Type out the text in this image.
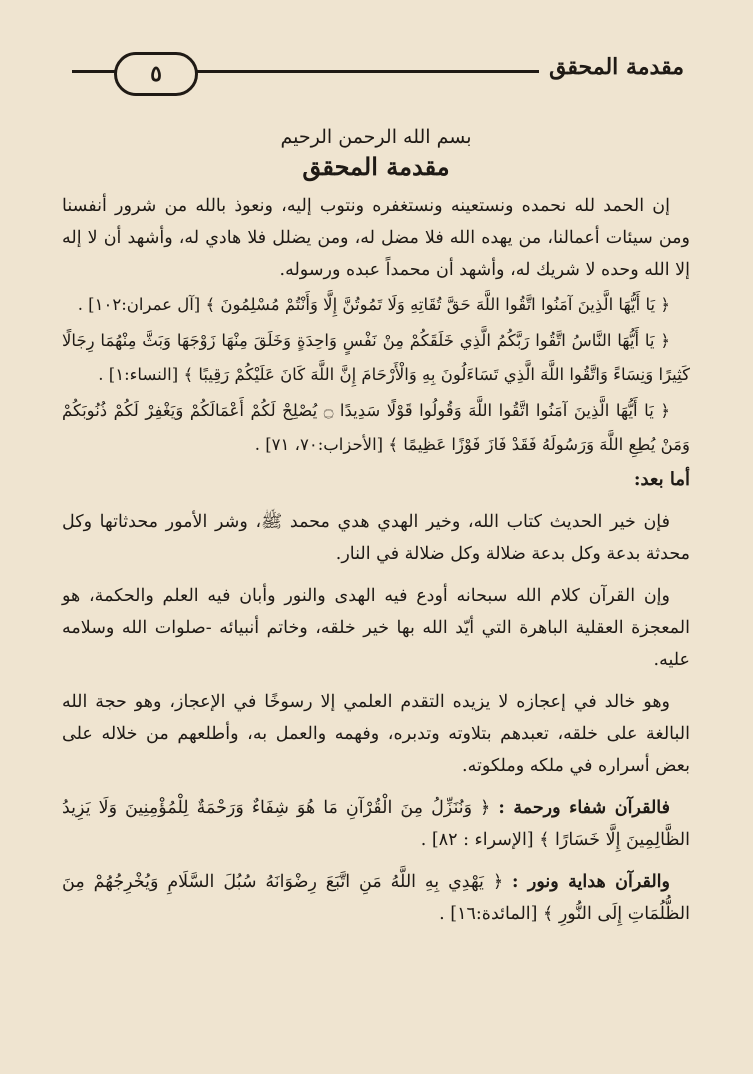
٥	مقدمة المحقق

بسم الله الرحمن الرحيم

مقدمة المحقق

إن الحمد لله نحمده ونستعينه ونستغفره ونتوب إليه، ونعوذ بالله من شرور أنفسنا ومن سيئات أعمالنا، من يهده الله فلا مضل له، ومن يضلل فلا هادي له، وأشهد أن لا إله إلا الله وحده لا شريك له، وأشهد أن محمداً عبده ورسوله.

﴿ يَا أَيُّهَا الَّذِينَ آمَنُوا اتَّقُوا اللَّهَ حَقَّ تُقَاتِهِ وَلَا تَمُوتُنَّ إِلَّا وَأَنْتُمْ مُسْلِمُونَ ﴾ [آل عمران:١٠٢] .

﴿ يَا أَيُّهَا النَّاسُ اتَّقُوا رَبَّكُمُ الَّذِي خَلَقَكُمْ مِنْ نَفْسٍ وَاحِدَةٍ وَخَلَقَ مِنْهَا زَوْجَهَا وَبَثَّ مِنْهُمَا رِجَالًا كَثِيرًا وَنِسَاءً وَاتَّقُوا اللَّهَ الَّذِي تَسَاءَلُونَ بِهِ وَالْأَرْحَامَ إِنَّ اللَّهَ كَانَ عَلَيْكُمْ رَقِيبًا ﴾ [النساء:١] .

﴿ يَا أَيُّهَا الَّذِينَ آمَنُوا اتَّقُوا اللَّهَ وَقُولُوا قَوْلًا سَدِيدًا ۝ يُصْلِحْ لَكُمْ أَعْمَالَكُمْ وَيَغْفِرْ لَكُمْ ذُنُوبَكُمْ وَمَنْ يُطِعِ اللَّهَ وَرَسُولَهُ فَقَدْ فَازَ فَوْزًا عَظِيمًا ﴾ [الأحزاب:٧٠، ٧١] .

أما بعد:

فإن خير الحديث كتاب الله، وخير الهدي هدي محمد ﷺ، وشر الأمور محدثاتها وكل محدثة بدعة وكل بدعة ضلالة وكل ضلالة في النار.

وإن القرآن كلام الله سبحانه أودع فيه الهدى والنور وأبان فيه العلم والحكمة، هو المعجزة العقلية الباهرة التي أيّد الله بها خير خلقه، وخاتم أنبيائه -صلوات الله وسلامه عليه.

وهو خالد في إعجازه لا يزيده التقدم العلمي إلا رسوخًا في الإعجاز، وهو حجة الله البالغة على خلقه، تعبدهم بتلاوته وتدبره، وفهمه والعمل به، وأطلعهم من خلاله على بعض أسراره في ملكه وملكوته.

فالقرآن شفاء ورحمة : ﴿ وَنُنَزِّلُ مِنَ الْقُرْآنِ مَا هُوَ شِفَاءٌ وَرَحْمَةٌ لِلْمُؤْمِنِينَ وَلَا يَزِيدُ الظَّالِمِينَ إِلَّا خَسَارًا ﴾ [الإسراء : ٨٢] .

والقرآن هداية ونور : ﴿ يَهْدِي بِهِ اللَّهُ مَنِ اتَّبَعَ رِضْوَانَهُ سُبُلَ السَّلَامِ وَيُخْرِجُهُمْ مِنَ الظُّلُمَاتِ إِلَى النُّورِ ﴾ [المائدة:١٦] .
